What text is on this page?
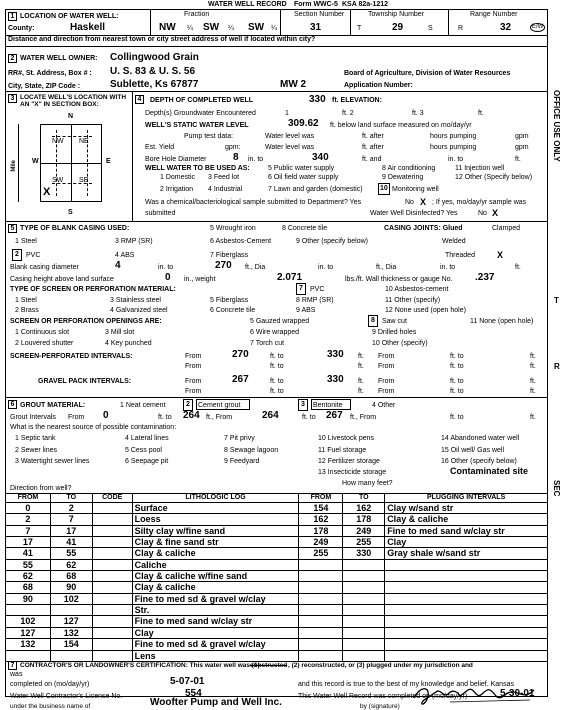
WATER WELL RECORD Form WWC-5 KSA 82a-1212
1 LOCATION OF WATER WELL:
County:	Haskell
Fraction
NW ¼ SW ¼ SW ¼
Section Number
31
Township Number
T	29	S
Range Number
R	32	E/W
Distance and direction from nearest town or city street address of well if located within city?
2 WATER WELL OWNER: Collingwood Grain
RR#, St. Address, Box # : U. S. 83 & U. S. 56
City, State, ZIP Code :	Sublette, Ks 67877	MW 2
Board of Agriculture, Division of Water Resources
Application Number:
3 LOCATE WELL'S LOCATION WITH AN "X" IN SECTION BOX:
N
S
W	E
Mile
NW NE
SW SE
X
4	DEPTH OF COMPLETED WELL	330 ft. ELEVATION:
Depth(s) Groundwater Encountered	1	ft. 2	ft. 3	ft.
WELL'S STATIC WATER LEVEL	309.62 ft. below land surface measured on mo/day/yr
Pump test data:	Water level was	ft. after	hours pumping	gpm
Est. Yield	gpm:	Water level was	ft. after	hours pumping	gpm
Bore Hole Diameter	8 in. to	340	ft. and	in. to	ft.
WELL WATER TO BE USED AS:	5 Public water supply	8 Air conditioning	11 Injection well
1 Domestic 3 Feed lot	6 Oil field water supply	9 Dewatering	12 Other (Specify below)
2 Irrigation 4 Industrial	7 Lawn and garden (domestic) 10 Monitoring well
Was a chemical/bacteriological sample submitted to Department? Yes	No X ; If yes, mo/day/yr sample was
submitted	Water Well Disinfected? Yes	No X
5 TYPE OF BLANK CASING USED:	5 Wrought iron	8 Concrete tile	CASING JOINTS: Glued	Clamped
1 Steel	3 RMP (SR)	6 Asbestos-Cement	9 Other (specify below)	Welded
2	PVC	4 ABS	7 Fiberglass	Threaded X
Blank casing diameter	4	in. to	270 ft., Dia	in. to	ft., Dia	in. to	ft.
Casing height above land surface	0 in., weight	2.071	lbs./ft. Wall thickness or gauge No. .237
TYPE OF SCREEN OR PERFORATION MATERIAL:	7	PVC	10 Asbestos-cement
1 Steel	3 Stainless steel	5 Fiberglass	8 RMP (SR)	11 Other (specify)
2 Brass	4 Galvanized steel	6 Concrete tile	9 ABS	12 None used (open hole)
SCREEN OR PERFORATION OPENINGS ARE:	5 Gauzed wrapped	8	Saw cut	11 None (open hole)
1 Continuous slot	3 Mill slot	6 Wire wrapped	9 Drilled holes
2 Louvered shutter	4 Key punched	7 Torch cut	10 Other (specify)
SCREEN-PERFORATED INTERVALS:	From	270	ft. to	330 ft. From	ft. to	ft.
From	ft. to	ft. From	ft. to	ft.
GRAVEL PACK INTERVALS:	From	267	ft. to	330 ft. From	ft. to	ft.
From	ft. to	ft. From	ft. to	ft.
6 GROUT MATERIAL:	1 Neat cement	2	Cement grout	3	Bentonite	4 Other
Grout Intervals From 0	ft. to 264 ft., From	264	ft. to 267 ft., From	ft. to	ft.
What is the nearest source of possible contamination:
1 Septic tank	4 Lateral lines	7 Pit privy	10 Livestock pens	14 Abandoned water well
2 Sewer lines	5 Cess pool	8 Sewage lagoon	11 Fuel storage	15 Oil well/ Gas well
3 Watertight sewer lines	6 Seepage pit	9 Feedyard	12 Fertilizer storage	16 Other (specify below)
13 Insecticide storage	Contaminated site
How many feet?
Direction from well?
FROM	TO	CODE	LITHOLOGIC LOG	FROM	TO	PLUGGING INTERVALS
0	2		Surface	154	162	Clay w/sand str
2	7		Loess	162	178	Clay & caliche
7	17		Silty clay w/fine sand	178	249	Fine to med sand w/clay str
17	41		Clay & fine sand str	249	255	Clay
41	55		Clay & caliche	255	330	Gray shale w/sand str
55	62		Caliche			
62	68		Clay & caliche w/fine sand			
68	90		Clay & caliche			
90	102		Fine to med sd & gravel w/clay			
			Str.			
102	127		Fine to med sand w/clay str			
127	132		Clay			
132	154		Fine to med sd & gravel w/clay			
			Lens			
7 CONTRACTOR'S OR LANDOWNER'S CERTIFICATION: This water well was (1)
constructed , (2) reconstructed, or (3) plugged under my jurisdiction and
was
completed on (mo/day/yr)	5-07-01	and this record is true to the best of my knowledge and belief. Kansas
Water Well Contractor's License No.	554	This Water Well Record was completed on (mo/day/yr)	5-30-01
under the business name of	Woofter Pump and Well Inc.	by (signature)
OFFICE USE ONLY
T
R
SEC
